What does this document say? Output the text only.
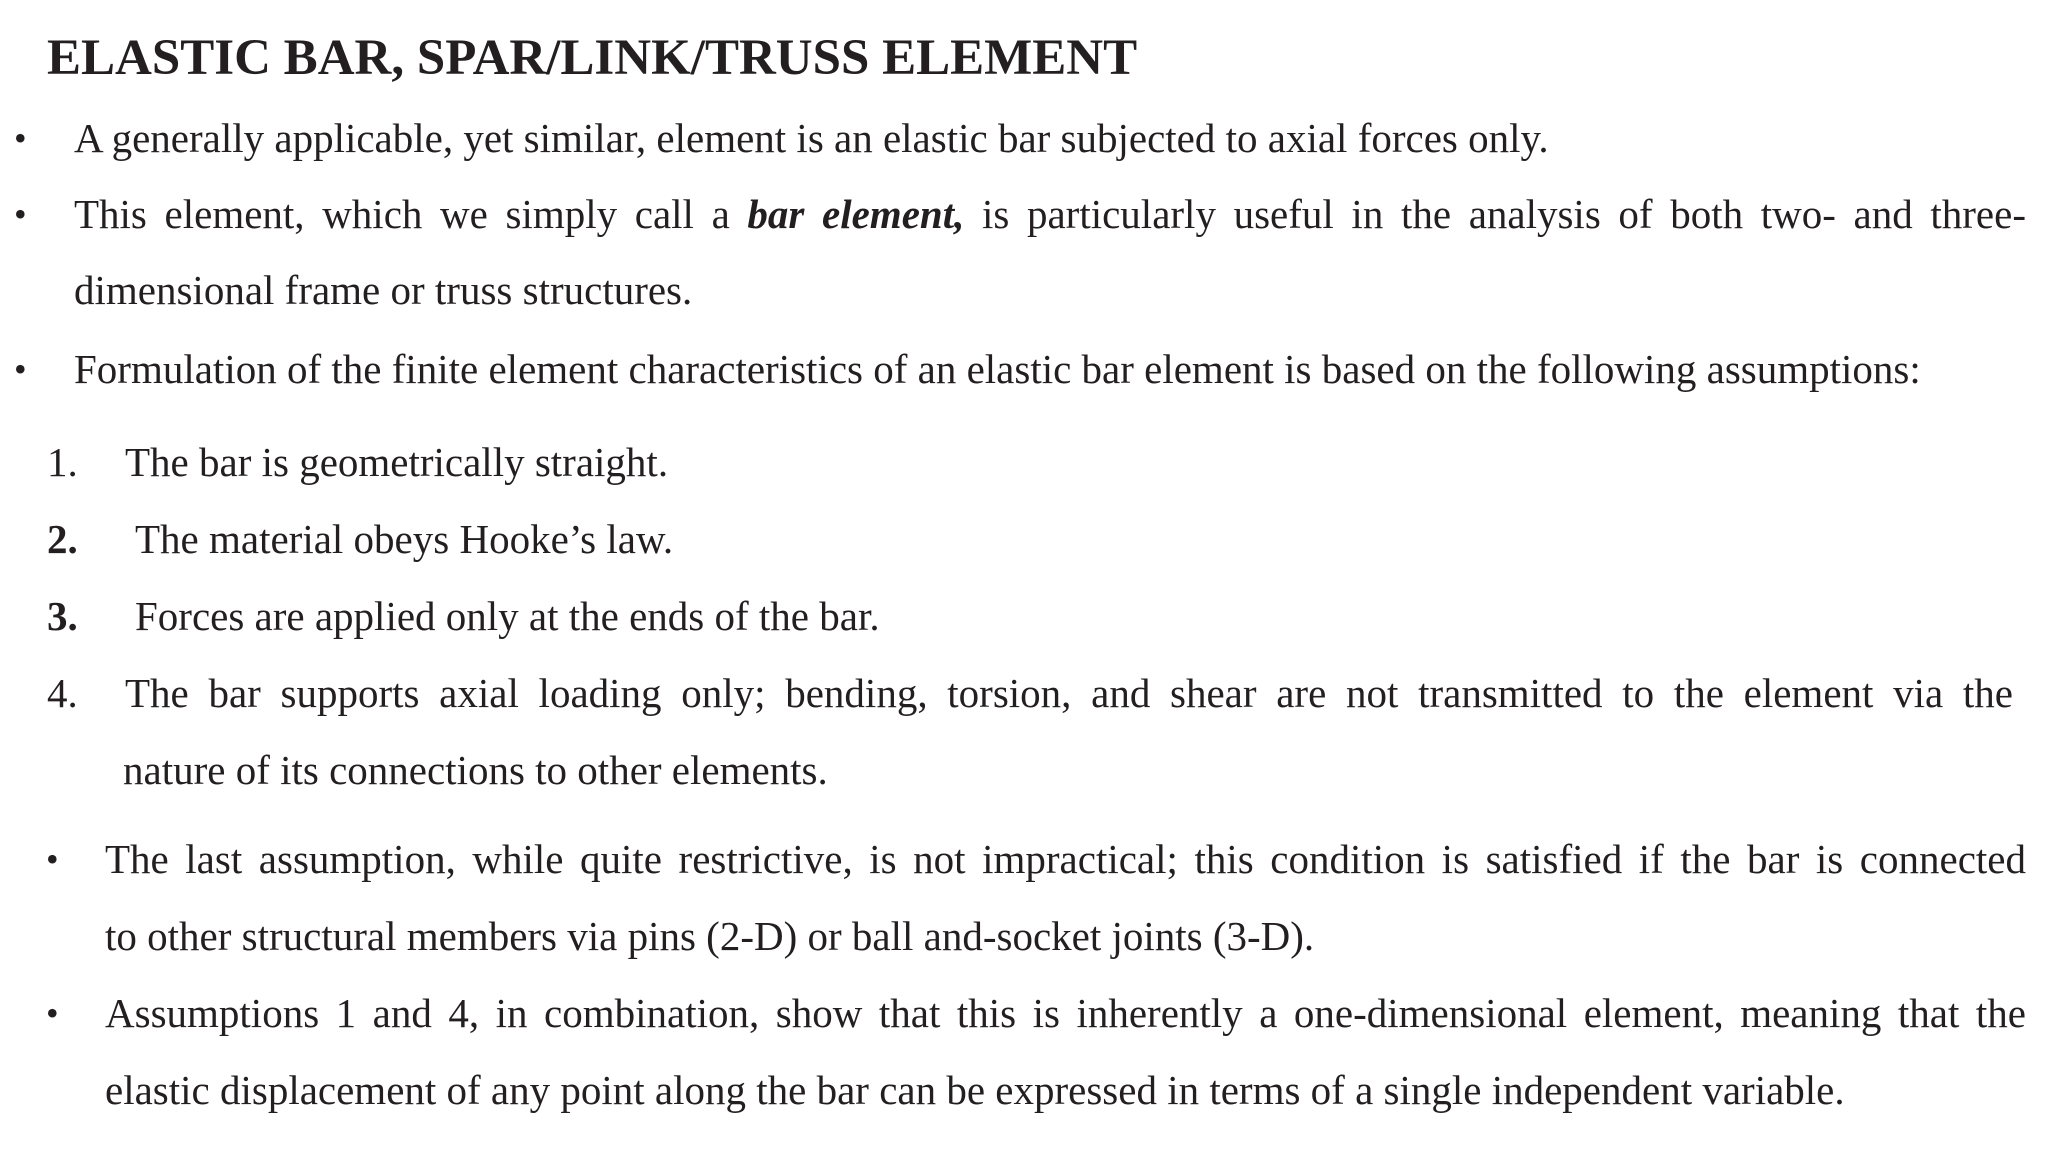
ELASTIC BAR, SPAR/LINK/TRUSS ELEMENT
• A generally applicable, yet similar, element is an elastic bar subjected to axial forces only.
• This element, which we simply call a bar element, is particularly useful in the analysis of both two- and three-
dimensional frame or truss structures.
• Formulation of the finite element characteristics of an elastic bar element is based on the following assumptions:
1. The bar is geometrically straight.
2. The material obeys Hooke’s law.
3. Forces are applied only at the ends of the bar.
4. The bar supports axial loading only; bending, torsion, and shear are not transmitted to the element via the
nature of its connections to other elements.
• The last assumption, while quite restrictive, is not impractical; this condition is satisfied if the bar is connected
to other structural members via pins (2-D) or ball and-socket joints (3-D).
• Assumptions 1 and 4, in combination, show that this is inherently a one-dimensional element, meaning that the
elastic displacement of any point along the bar can be expressed in terms of a single independent variable.
